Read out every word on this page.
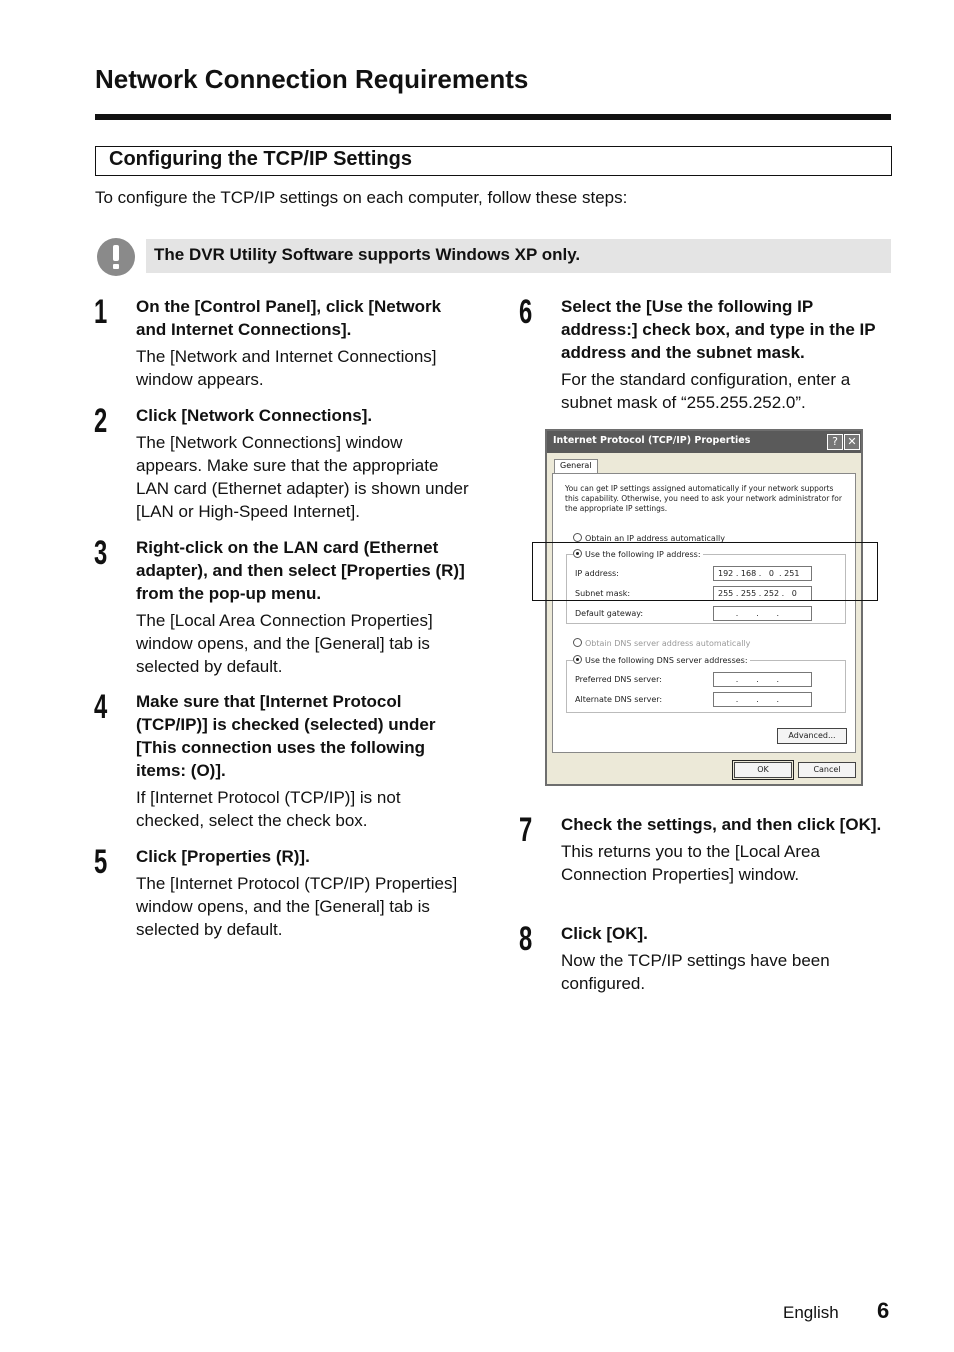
Network Connection Requirements
Configuring the TCP/IP Settings
To configure the TCP/IP settings on each computer, follow these steps:
The DVR Utility Software supports Windows XP only.
1 On the [Control Panel], click [Network and Internet Connections].
The [Network and Internet Connections] window appears.
2 Click [Network Connections].
The [Network Connections] window appears. Make sure that the appropriate LAN card (Ethernet adapter) is shown under [LAN or High-Speed Internet].
3 Right-click on the LAN card (Ethernet adapter), and then select [Properties (R)] from the pop-up menu.
The [Local Area Connection Properties] window opens, and the [General] tab is selected by default.
4 Make sure that [Internet Protocol (TCP/IP)] is checked (selected) under [This connection uses the following items: (O)].
If [Internet Protocol (TCP/IP)] is not checked, select the check box.
5 Click [Properties (R)].
The [Internet Protocol (TCP/IP) Properties] window opens, and the [General] tab is selected by default.
6 Select the [Use the following IP address:] check box, and type in the IP address and the subnet mask.
For the standard configuration, enter a subnet mask of “255.255.252.0”.
Internet Protocol (TCP/IP) Properties	? ✕
General
You can get IP settings assigned automatically if your network supports this capability. Otherwise, you need to ask your network administrator for the appropriate IP settings.
Obtain an IP address automatically
Use the following IP address:
IP address:	192 . 168 .   0  . 251
Subnet mask:	255 . 255 . 252 .   0
Default gateway:	.       .       .
Obtain DNS server address automatically
Use the following DNS server addresses:
Preferred DNS server:	.       .       .
Alternate DNS server:	.       .       .
Advanced...
OK	Cancel
7 Check the settings, and then click [OK].
This returns you to the [Local Area Connection Properties] window.
8 Click [OK].
Now the TCP/IP settings have been configured.
English 6
